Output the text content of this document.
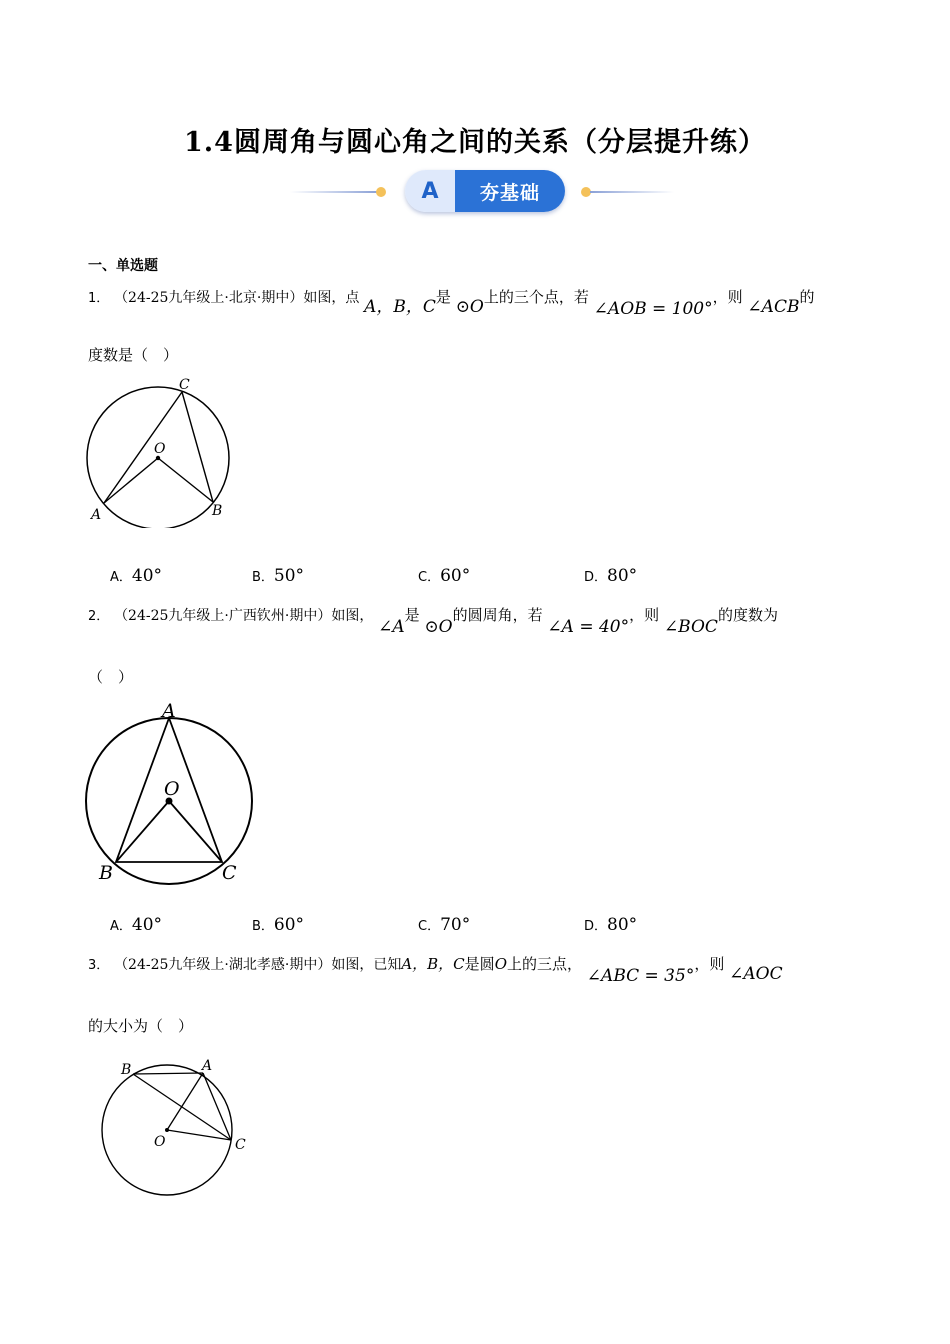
1.4圆周角与圆心角之间的关系（分层提升练）
A	夯基础
一、单选题
1． （24-25九年级上·北京·期中）如图，点 A，B，C是 ⊙O上的三个点，若 ∠AOB = 100°，则 ∠ACB的
度数是（　）
C
O
A	B
A．40°	B．50°	C．60°	D．80°
2． （24-25九年级上·广西钦州·期中）如图， ∠A是 ⊙O的圆周角，若 ∠A = 40°，则 ∠BOC的度数为
（　）
A
O
B	C
A．40°	B．60°	C．70°	D．80°
3． （24-25九年级上·湖北孝感·期中）如图，已知A，B，C是圆O上的三点， ∠ABC = 35°，则 ∠AOC
的大小为（　）
B	A
O	C
